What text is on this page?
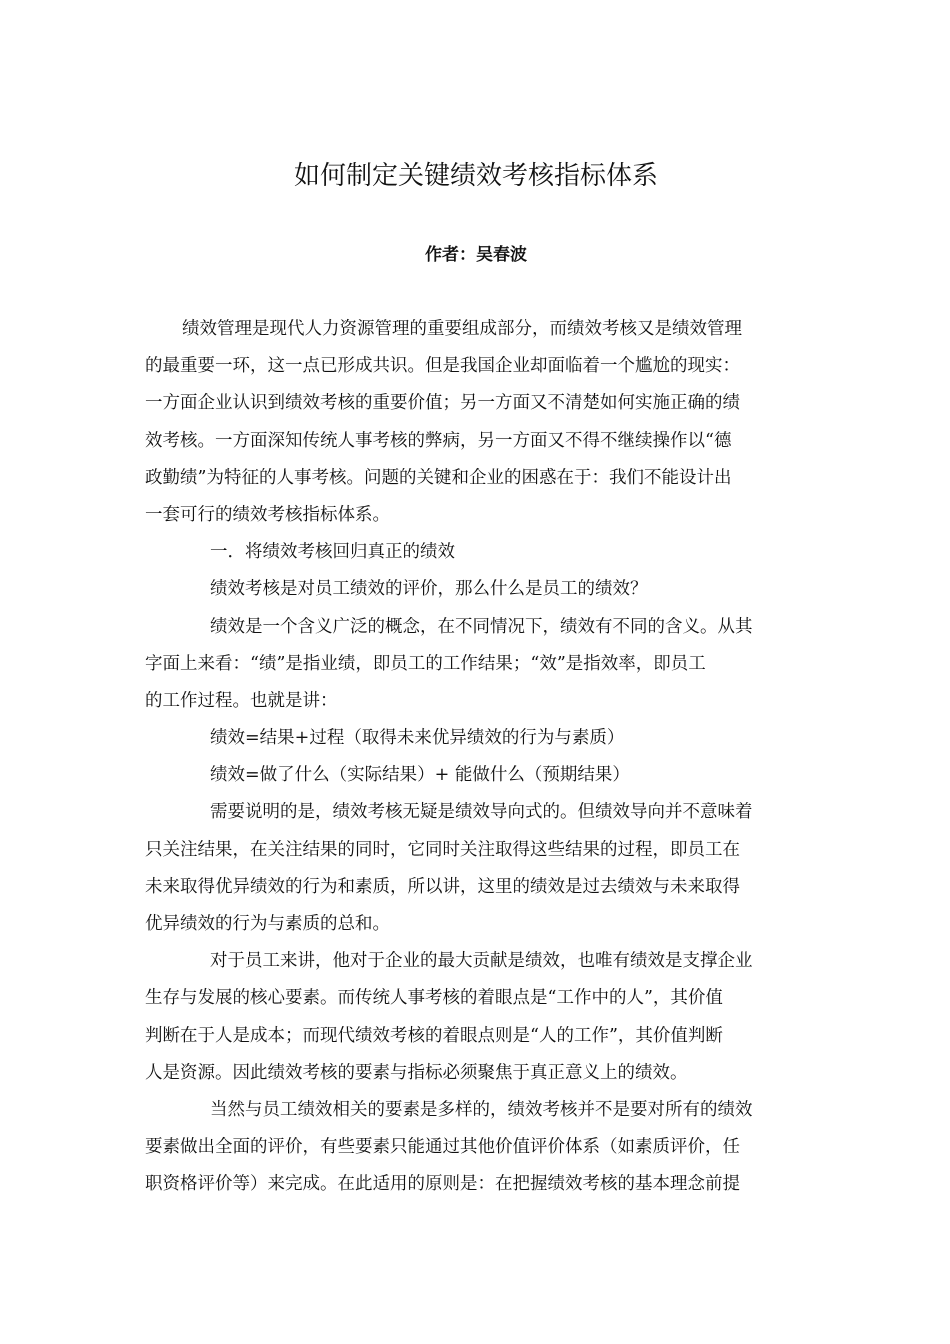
如何制定关键绩效考核指标体系
作者：吴春波
绩效管理是现代人力资源管理的重要组成部分，而绩效考核又是绩效管理
的最重要一环，这一点已形成共识。但是我国企业却面临着一个尴尬的现实：
一方面企业认识到绩效考核的重要价值；另一方面又不清楚如何实施正确的绩
效考核。一方面深知传统人事考核的弊病，另一方面又不得不继续操作以“德
政勤绩”为特征的人事考核。问题的关键和企业的困惑在于：我们不能设计出
一套可行的绩效考核指标体系。
一．将绩效考核回归真正的绩效
绩效考核是对员工绩效的评价，那么什么是员工的绩效？
绩效是一个含义广泛的概念，在不同情况下，绩效有不同的含义。从其
字面上来看：“绩”是指业绩，即员工的工作结果；“效”是指效率，即员工
的工作过程。也就是讲：
绩效=结果+过程（取得未来优异绩效的行为与素质）
绩效=做了什么（实际结果）+ 能做什么（预期结果）
需要说明的是，绩效考核无疑是绩效导向式的。但绩效导向并不意味着
只关注结果，在关注结果的同时，它同时关注取得这些结果的过程，即员工在
未来取得优异绩效的行为和素质，所以讲，这里的绩效是过去绩效与未来取得
优异绩效的行为与素质的总和。
对于员工来讲，他对于企业的最大贡献是绩效，也唯有绩效是支撑企业
生存与发展的核心要素。而传统人事考核的着眼点是“工作中的人”，其价值
判断在于人是成本；而现代绩效考核的着眼点则是“人的工作”，其价值判断
人是资源。因此绩效考核的要素与指标必须聚焦于真正意义上的绩效。
当然与员工绩效相关的要素是多样的，绩效考核并不是要对所有的绩效
要素做出全面的评价，有些要素只能通过其他价值评价体系（如素质评价，任
职资格评价等）来完成。在此适用的原则是：在把握绩效考核的基本理念前提
